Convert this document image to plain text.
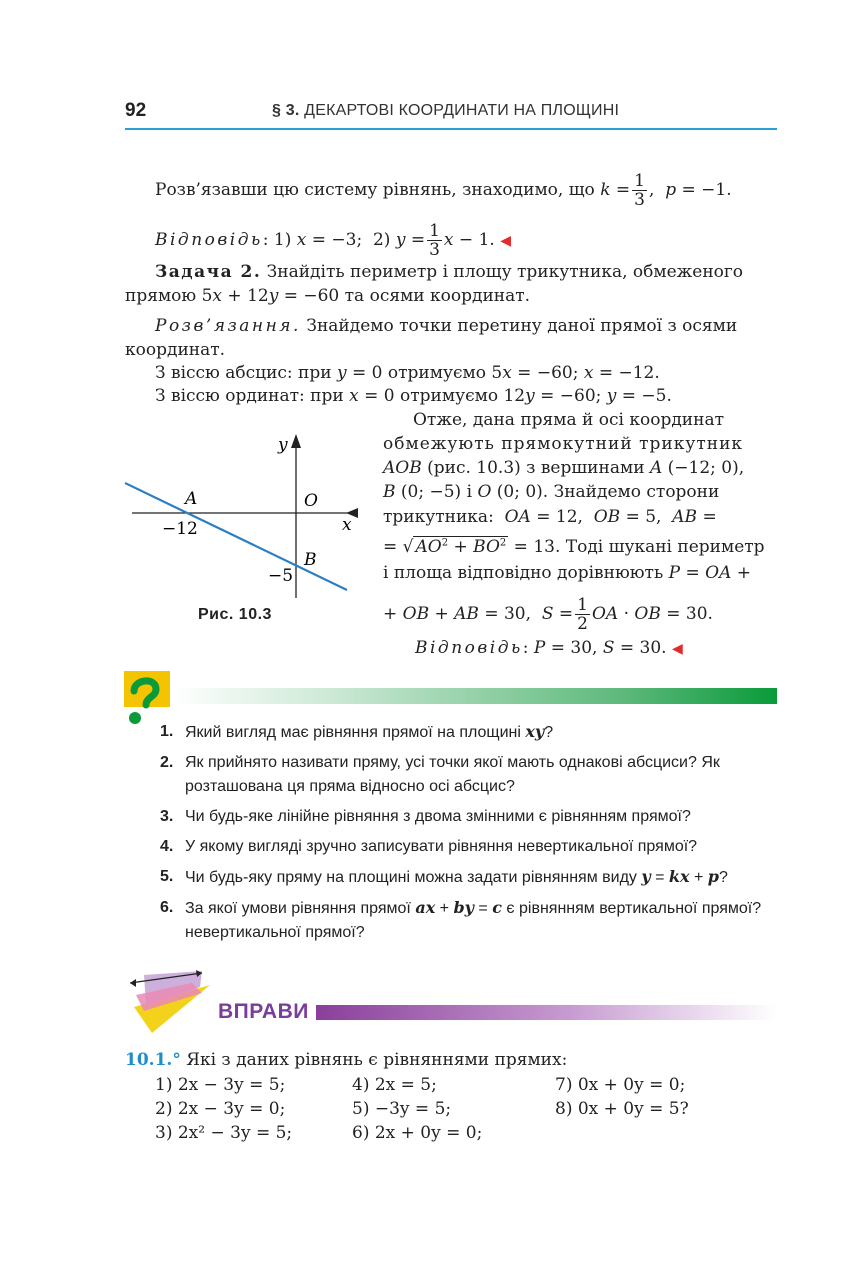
92	§ 3. ДЕКАРТОВІ КООРДИНАТИ НА ПЛОЩИНІ
Розв’язавши цю систему рівнянь, знаходимо, що $k = \frac{1}{3}$ ,  p = −1.
Відповідь: 1) x = −3;  2) $y = \frac{1}{3}$ x − 1. ◀
Задача 2. Знайдіть периметр і площу трикутника, обмеженого
прямою 5x + 12y = −60 та осями координат.
Розв’язання. Знайдемо точки перетину даної прямої з осями
координат.
З віссю абсцис: при y = 0 отримуємо 5x = −60; x = −12.
З віссю ординат: при x = 0 отримуємо 12y = −60; y = −5.
y
x
A	O
B
−12
−5
Рис. 10.3
Отже, дана пряма й осі координат
обмежують прямокутний трикутник
AOB (рис. 10.3) з вершинами A (−12; 0),
B (0; −5) і O (0; 0). Знайдемо сторони
трикутника: OA = 12,  OB = 5,  AB =
= √ $AO^2 + BO^2 = 13$. Тоді шукані периметр
і площа відповідно дорівнюють P = OA +
+ OB + AB = 30,  $S = \frac{1}{2}$ OA · OB = 30.
Відповідь: P = 30, S = 30. ◀
1. Який вигляд має рівняння прямої на площині xy?
2. Як прийнято називати пряму, усі точки якої мають однакові абсциси? Як розташована ця пряма відносно осі абсцис?
3. Чи будь-яке лінійне рівняння з двома змінними є рівнянням прямої?
4. У якому вигляді зручно записувати рівняння невертикальної прямої?
5. Чи будь-яку пряму на площині можна задати рівнянням виду y = kx + p?
6. За якої умови рівняння прямої ax + by = c є рівнянням вертикальної прямої? невертикальної прямої?
ВПРАВИ
10.1.° Які з даних рівнянь є рівняннями прямих:
1) 2x − 3y = 5;	4) 2x = 5;	7) 0x + 0y = 0;
2) 2x − 3y = 0;	5) −3y = 5;	8) 0x + 0y = 5?
3) 2x² − 3y = 5;	6) 2x + 0y = 0;
